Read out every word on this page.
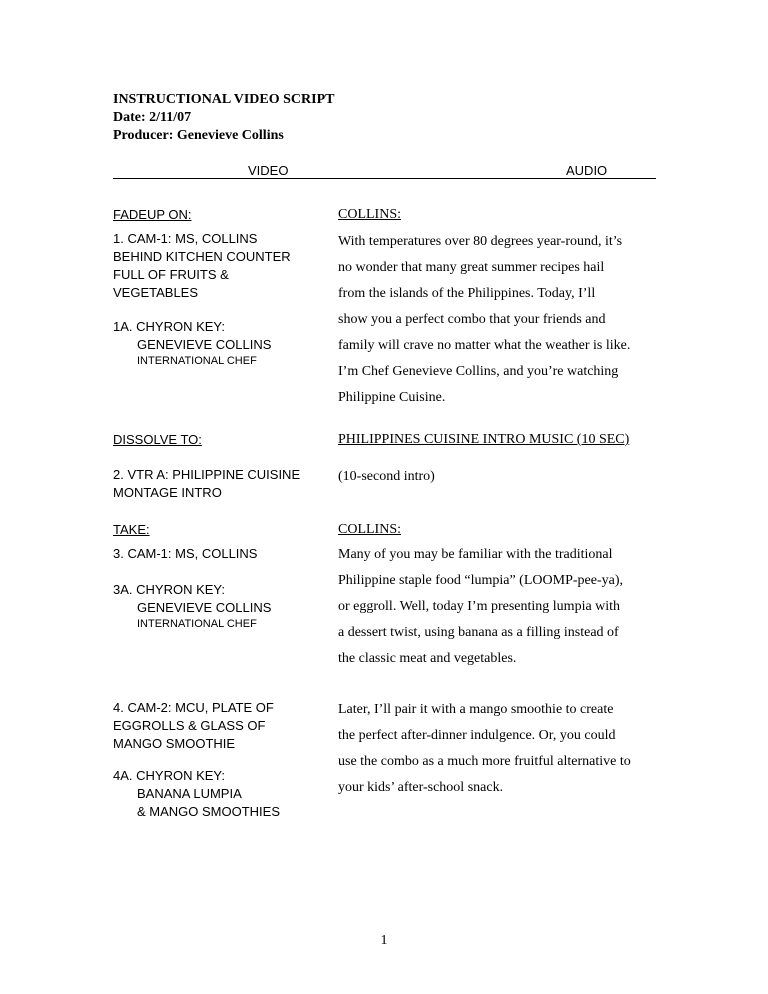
INSTRUCTIONAL VIDEO SCRIPT
Date: 2/11/07
Producer: Genevieve Collins
VIDEO	AUDIO
FADEUP ON:
1. CAM-1: MS, COLLINS
BEHIND KITCHEN COUNTER
FULL OF FRUITS &
VEGETABLES
1A. CHYRON KEY:
GENEVIEVE COLLINS
INTERNATIONAL CHEF
COLLINS:
With temperatures over 80 degrees year-round, it’s
no wonder that many great summer recipes hail
from the islands of the Philippines. Today, I’ll
show you a perfect combo that your friends and
family will crave no matter what the weather is like.
I’m Chef Genevieve Collins, and you’re watching
Philippine Cuisine.
DISSOLVE TO:
2. VTR A: PHILIPPINE CUISINE
MONTAGE INTRO
PHILIPPINES CUISINE INTRO MUSIC (10 SEC)
(10-second intro)
TAKE:
3. CAM-1: MS, COLLINS
3A. CHYRON KEY:
GENEVIEVE COLLINS
INTERNATIONAL CHEF
COLLINS:
Many of you may be familiar with the traditional
Philippine staple food “lumpia” (LOOMP-pee-ya),
or eggroll. Well, today I’m presenting lumpia with
a dessert twist, using banana as a filling instead of
the classic meat and vegetables.
4. CAM-2: MCU, PLATE OF
EGGROLLS & GLASS OF
MANGO SMOOTHIE
4A. CHYRON KEY:
BANANA LUMPIA
& MANGO SMOOTHIES
Later, I’ll pair it with a mango smoothie to create
the perfect after-dinner indulgence. Or, you could
use the combo as a much more fruitful alternative to
your kids’ after-school snack.
1
